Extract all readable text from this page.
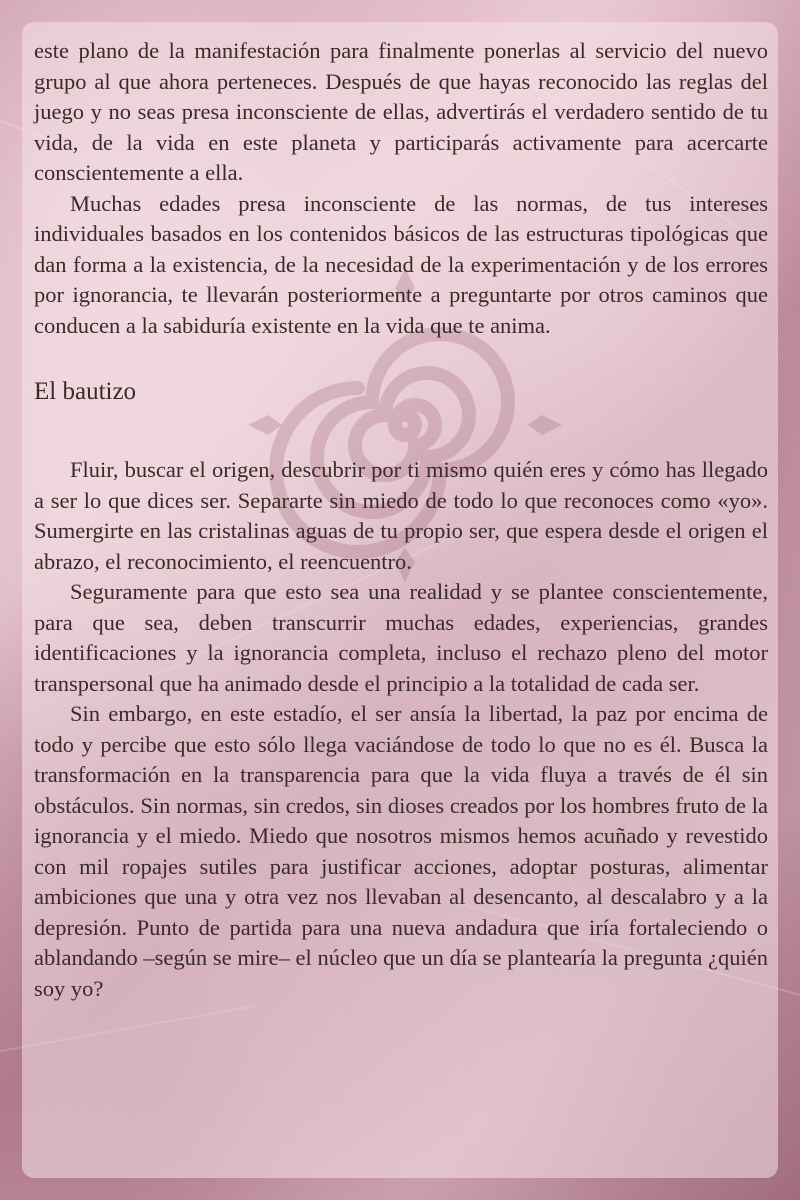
este plano de la manifestación para finalmente ponerlas al servicio del nuevo grupo al que ahora perteneces. Después de que hayas reconocido las reglas del juego y no seas presa inconsciente de ellas, advertirás el verdadero sentido de tu vida, de la vida en este planeta y participarás activamente para acercarte conscientemente a ella.

Muchas edades presa inconsciente de las normas, de tus intereses individuales basados en los contenidos básicos de las estructuras tipológicas que dan forma a la existencia, de la necesidad de la experimentación y de los errores por ignorancia, te llevarán posteriormente a preguntarte por otros caminos que conducen a la sabiduría existente en la vida que te anima.

El bautizo

Fluir, buscar el origen, descubrir por ti mismo quién eres y cómo has llegado a ser lo que dices ser. Separarte sin miedo de todo lo que reconoces como «yo». Sumergirte en las cristalinas aguas de tu propio ser, que espera desde el origen el abrazo, el reconocimiento, el reencuentro.

Seguramente para que esto sea una realidad y se plantee conscientemente, para que sea, deben transcurrir muchas edades, experiencias, grandes identificaciones y la ignorancia completa, incluso el rechazo pleno del motor transpersonal que ha animado desde el principio a la totalidad de cada ser.

Sin embargo, en este estadío, el ser ansía la libertad, la paz por encima de todo y percibe que esto sólo llega vaciándose de todo lo que no es él. Busca la transformación en la transparencia para que la vida fluya a través de él sin obstáculos. Sin normas, sin credos, sin dioses creados por los hombres fruto de la ignorancia y el miedo. Miedo que nosotros mismos hemos acuñado y revestido con mil ropajes sutiles para justificar acciones, adoptar posturas, alimentar ambiciones que una y otra vez nos llevaban al desencanto, al descalabro y a la depresión. Punto de partida para una nueva andadura que iría fortaleciendo o ablandando –según se mire– el núcleo que un día se plantearía la pregunta ¿quién soy yo?
